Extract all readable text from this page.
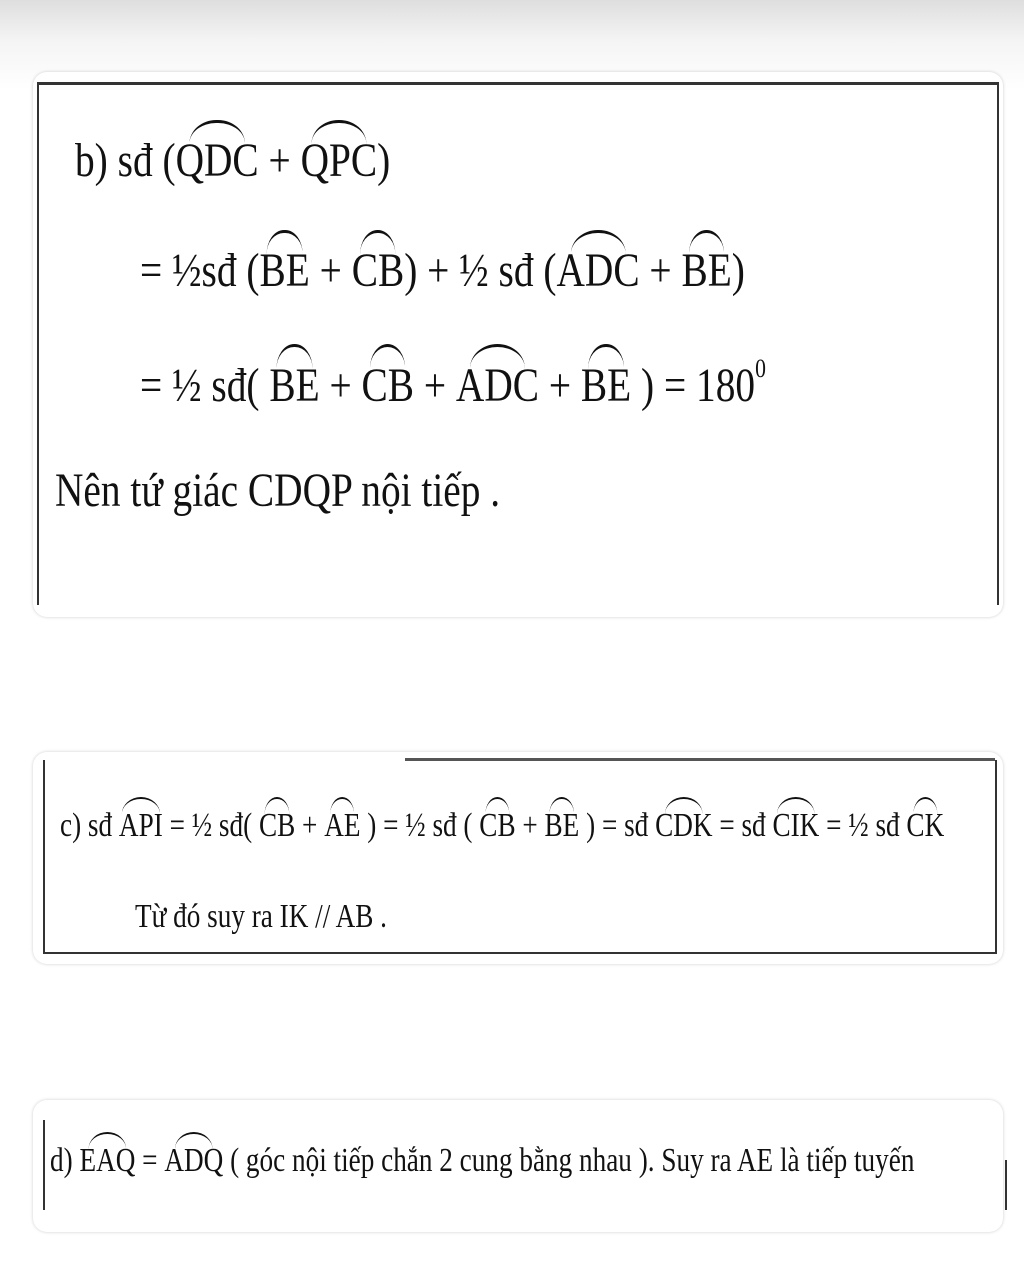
b) sđ (QDC + QPC)
= ½sđ (BE + CB) + ½ sđ (ADC + BE)
= ½ sđ( BE + CB + ADC + BE ) = $180^0$
Nên tứ giác CDQP nội tiếp .
c) sđ API = ½ sđ( CB + AE ) = ½ sđ ( CB + BE ) = sđ CDK = sđ CIK = ½ sđ CK
Từ đó suy ra IK // AB .
d) EAQ = ADQ ( góc nội tiếp chắn 2 cung bằng nhau ). Suy ra AE là tiếp tuyến
